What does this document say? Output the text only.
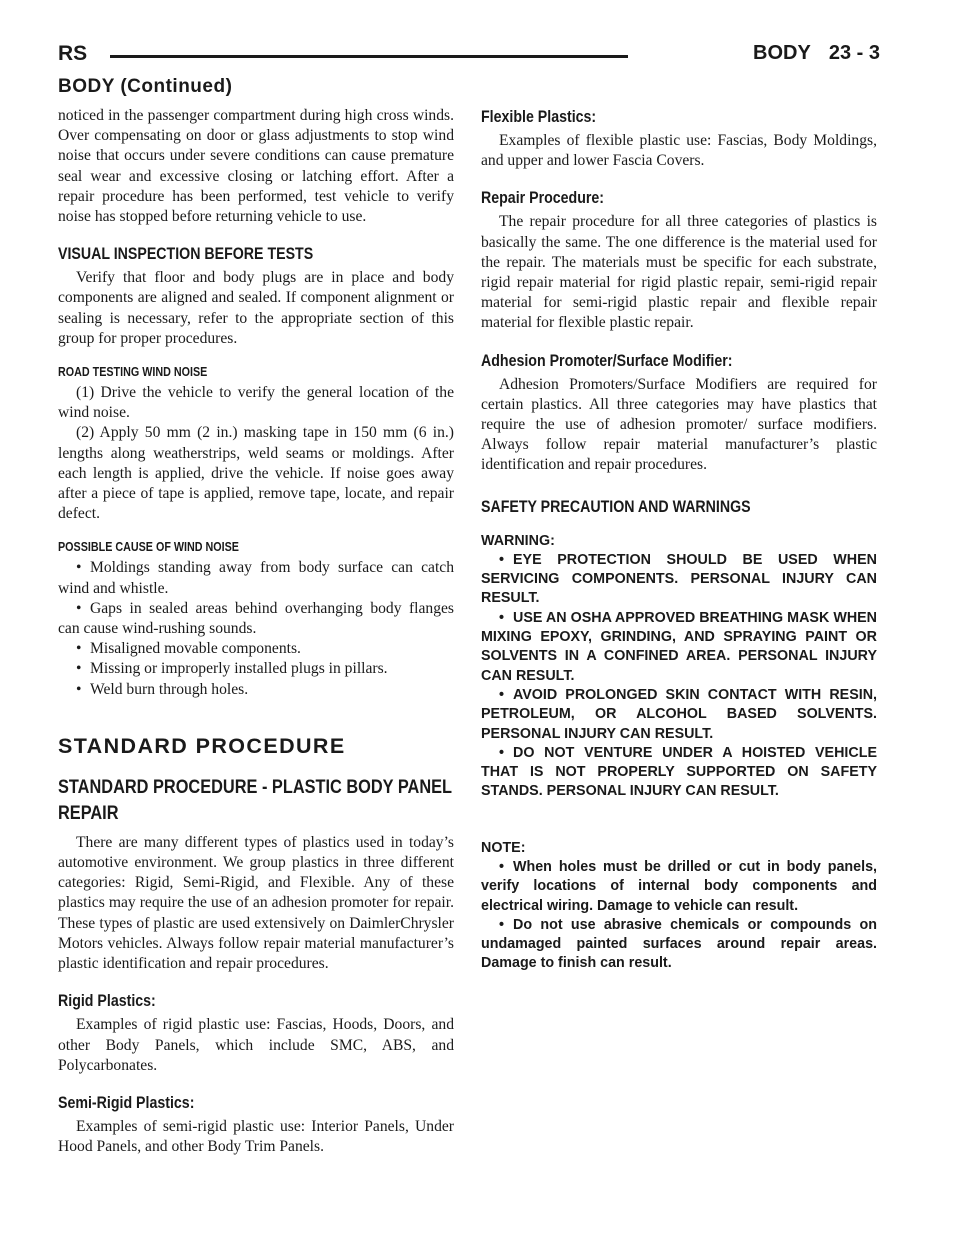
RS	BODY 23 - 3
BODY (Continued)

noticed in the passenger compartment during high cross winds. Over compensating on door or glass adjustments to stop wind noise that occurs under severe conditions can cause premature seal wear and excessive closing or latching effort. After a repair procedure has been performed, test vehicle to verify noise has stopped before returning vehicle to use.

VISUAL INSPECTION BEFORE TESTS

Verify that floor and body plugs are in place and body components are aligned and sealed. If component alignment or sealing is necessary, refer to the appropriate section of this group for proper procedures.

ROAD TESTING WIND NOISE

(1) Drive the vehicle to verify the general location of the wind noise.

(2) Apply 50 mm (2 in.) masking tape in 150 mm (6 in.) lengths along weatherstrips, weld seams or moldings. After each length is applied, drive the vehicle. If noise goes away after a piece of tape is applied, remove tape, locate, and repair defect.

POSSIBLE CAUSE OF WIND NOISE

• Moldings standing away from body surface can catch wind and whistle.

• Gaps in sealed areas behind overhanging body flanges can cause wind-rushing sounds.

• Misaligned movable components.

• Missing or improperly installed plugs in pillars.

• Weld burn through holes.

STANDARD PROCEDURE
STANDARD PROCEDURE - PLASTIC BODY PANEL REPAIR

There are many different types of plastics used in today’s automotive environment. We group plastics in three different categories: Rigid, Semi-Rigid, and Flexible. Any of these plastics may require the use of an adhesion promoter for repair. These types of plastic are used extensively on DaimlerChrysler Motors vehicles. Always follow repair material manufacturer’s plastic identification and repair procedures.

Rigid Plastics:

Examples of rigid plastic use: Fascias, Hoods, Doors, and other Body Panels, which include SMC, ABS, and Polycarbonates.

Semi-Rigid Plastics:

Examples of semi-rigid plastic use: Interior Panels, Under Hood Panels, and other Body Trim Panels.

Flexible Plastics:

Examples of flexible plastic use: Fascias, Body Moldings, and upper and lower Fascia Covers.

Repair Procedure:

The repair procedure for all three categories of plastics is basically the same. The one difference is the material used for the repair. The materials must be specific for each substrate, rigid repair material for rigid plastic repair, semi-rigid repair material for semi-rigid plastic repair and flexible repair material for flexible plastic repair.

Adhesion Promoter/Surface Modifier:

Adhesion Promoters/Surface Modifiers are required for certain plastics. All three categories may have plastics that require the use of adhesion promoter/ surface modifiers. Always follow repair material manufacturer’s plastic identification and repair procedures.

SAFETY PRECAUTION AND WARNINGS

WARNING:

• EYE PROTECTION SHOULD BE USED WHEN SERVICING COMPONENTS. PERSONAL INJURY CAN RESULT.

• USE AN OSHA APPROVED BREATHING MASK WHEN MIXING EPOXY, GRINDING, AND SPRAYING PAINT OR SOLVENTS IN A CONFINED AREA. PERSONAL INJURY CAN RESULT.

• AVOID PROLONGED SKIN CONTACT WITH RESIN, PETROLEUM, OR ALCOHOL BASED SOLVENTS. PERSONAL INJURY CAN RESULT.

• DO NOT VENTURE UNDER A HOISTED VEHICLE THAT IS NOT PROPERLY SUPPORTED ON SAFETY STANDS. PERSONAL INJURY CAN RESULT.

NOTE:

• When holes must be drilled or cut in body panels, verify locations of internal body components and electrical wiring. Damage to vehicle can result.

• Do not use abrasive chemicals or compounds on undamaged painted surfaces around repair areas. Damage to finish can result.
